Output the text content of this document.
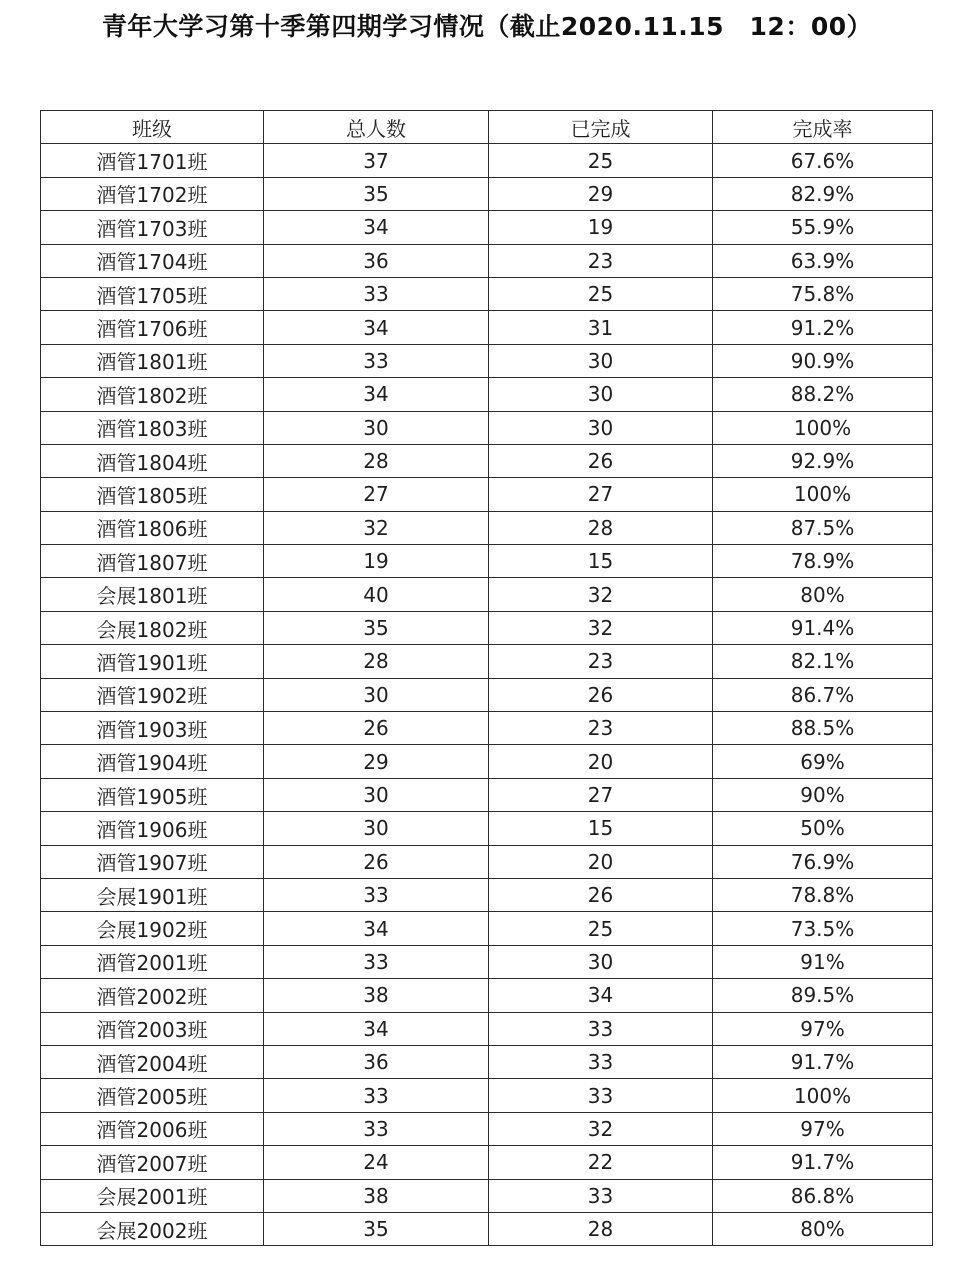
青年大学习第十季第四期学习情况（截止2020.11.15　12：00）
班级	总人数	已完成	完成率
酒管1701班	37	25	67.6%
酒管1702班	35	29	82.9%
酒管1703班	34	19	55.9%
酒管1704班	36	23	63.9%
酒管1705班	33	25	75.8%
酒管1706班	34	31	91.2%
酒管1801班	33	30	90.9%
酒管1802班	34	30	88.2%
酒管1803班	30	30	100%
酒管1804班	28	26	92.9%
酒管1805班	27	27	100%
酒管1806班	32	28	87.5%
酒管1807班	19	15	78.9%
会展1801班	40	32	80%
会展1802班	35	32	91.4%
酒管1901班	28	23	82.1%
酒管1902班	30	26	86.7%
酒管1903班	26	23	88.5%
酒管1904班	29	20	69%
酒管1905班	30	27	90%
酒管1906班	30	15	50%
酒管1907班	26	20	76.9%
会展1901班	33	26	78.8%
会展1902班	34	25	73.5%
酒管2001班	33	30	91%
酒管2002班	38	34	89.5%
酒管2003班	34	33	97%
酒管2004班	36	33	91.7%
酒管2005班	33	33	100%
酒管2006班	33	32	97%
酒管2007班	24	22	91.7%
会展2001班	38	33	86.8%
会展2002班	35	28	80%
